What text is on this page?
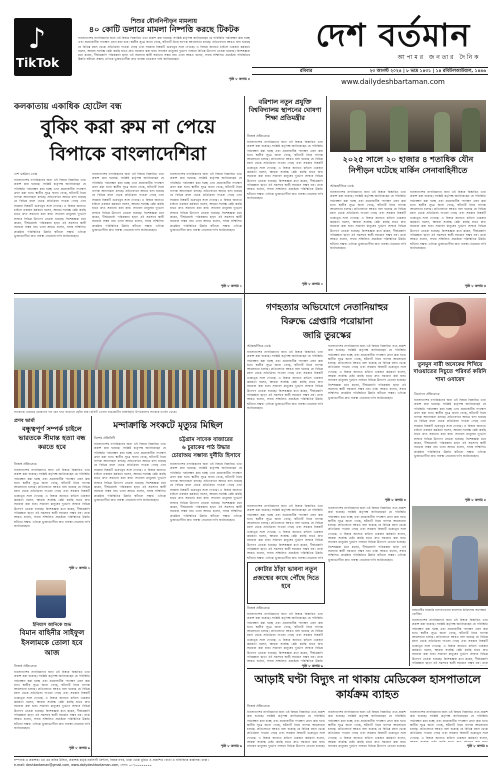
♪
TikTok
শিশুর যৌননিপীড়ন মামলায়
৪০ কোটি ডলারে মামলা নিষ্পত্তি করছে টিকটক
বাংলাদেশের নাগরিকদের জন্য এই বিষয়ে বিস্তারিত তথ্য প্রকাশ করা হয়েছে। সংশ্লিষ্ট কর্তৃপক্ষ জানিয়েছেন যে পরিস্থিতি পর্যবেক্ষণ করা হচ্ছে এবং প্রয়োজনীয় পদক্ষেপ গ্রহণ করা হবে। স্থানীয় সূত্রে জানা গেছে, ঘটনাটি নিয়ে ব্যাপক আলোচনা চলছে। প্রতিবেদনে আরও বলা হয়েছে যে বিভিন্ন মহল থেকে প্রতিক্রিয়া পাওয়া গেছে এবং সরকার বিষয়টি গুরুত্বের সঙ্গে দেখছে। এ বিষয়ে জানতে চাইলে একজন কর্মকর্তা বলেন, আমরা সর্বোচ্চ চেষ্টা করছি যাতে দ্রুত সমাধান করা যায়। সাধারণ মানুষের দুর্ভোগ লাঘবে বিভিন্ন উদ্যোগ নেওয়া হয়েছে। বিশেষজ্ঞরা মনে করেন, দীর্ঘমেয়াদি পরিকল্পনা ছাড়া এই সমস্যার স্থায়ী সমাধান সম্ভব নয়। তারা আরও বলেন, সবার সম্মিলিত প্রচেষ্টায় পরিস্থিতির উন্নতি ঘটানো সম্ভব। এদিকে ভুক্তভোগীরা দ্রুত ব্যবস্থা নেওয়ার দাবি জানিয়েছেন।
পৃষ্ঠা ৮ কলাম ৫
দেশ বর্তমান
আপামর জনতার দৈনিক
রবিবার	২৩ আগস্ট ২০২৪ | ৮ ভাদ্র ১৪৩১ | ১৪ রবিউলআউয়াল, ১৪৪৬
www.dailydeshbartaman.com
কলকাতায় একাধিক হোটেল বন্ধ
বুকিং করা রুম না পেয়ে
বিপাকে বাংলাদেশিরা
দেশ বর্তমান ডেস্ক
বাংলাদেশের নাগরিকদের জন্য এই বিষয়ে বিস্তারিত তথ্য প্রকাশ করা হয়েছে। সংশ্লিষ্ট কর্তৃপক্ষ জানিয়েছেন যে পরিস্থিতি পর্যবেক্ষণ করা হচ্ছে এবং প্রয়োজনীয় পদক্ষেপ গ্রহণ করা হবে। স্থানীয় সূত্রে জানা গেছে, ঘটনাটি নিয়ে ব্যাপক আলোচনা চলছে। প্রতিবেদনে আরও বলা হয়েছে যে বিভিন্ন মহল থেকে প্রতিক্রিয়া পাওয়া গেছে এবং সরকার বিষয়টি গুরুত্বের সঙ্গে দেখছে। এ বিষয়ে জানতে চাইলে একজন কর্মকর্তা বলেন, আমরা সর্বোচ্চ চেষ্টা করছি যাতে দ্রুত সমাধান করা যায়। সাধারণ মানুষের দুর্ভোগ লাঘবে বিভিন্ন উদ্যোগ নেওয়া হয়েছে। বিশেষজ্ঞরা মনে করেন, দীর্ঘমেয়াদি পরিকল্পনা ছাড়া এই সমস্যার স্থায়ী সমাধান সম্ভব নয়। তারা আরও বলেন, সবার সম্মিলিত প্রচেষ্টায় পরিস্থিতির উন্নতি ঘটানো সম্ভব। এদিকে ভুক্তভোগীরা দ্রুত ব্যবস্থা নেওয়ার দাবি জানিয়েছেন।
বাংলাদেশের নাগরিকদের জন্য এই বিষয়ে বিস্তারিত তথ্য প্রকাশ করা হয়েছে। সংশ্লিষ্ট কর্তৃপক্ষ জানিয়েছেন যে পরিস্থিতি পর্যবেক্ষণ করা হচ্ছে এবং প্রয়োজনীয় পদক্ষেপ গ্রহণ করা হবে। স্থানীয় সূত্রে জানা গেছে, ঘটনাটি নিয়ে ব্যাপক আলোচনা চলছে। প্রতিবেদনে আরও বলা হয়েছে যে বিভিন্ন মহল থেকে প্রতিক্রিয়া পাওয়া গেছে এবং সরকার বিষয়টি গুরুত্বের সঙ্গে দেখছে। এ বিষয়ে জানতে চাইলে একজন কর্মকর্তা বলেন, আমরা সর্বোচ্চ চেষ্টা করছি যাতে দ্রুত সমাধান করা যায়। সাধারণ মানুষের দুর্ভোগ লাঘবে বিভিন্ন উদ্যোগ নেওয়া হয়েছে। বিশেষজ্ঞরা মনে করেন, দীর্ঘমেয়াদি পরিকল্পনা ছাড়া এই সমস্যার স্থায়ী সমাধান সম্ভব নয়। তারা আরও বলেন, সবার সম্মিলিত প্রচেষ্টায় পরিস্থিতির উন্নতি ঘটানো সম্ভব। এদিকে ভুক্তভোগীরা দ্রুত ব্যবস্থা নেওয়ার দাবি জানিয়েছেন।
বাংলাদেশের নাগরিকদের জন্য এই বিষয়ে বিস্তারিত তথ্য প্রকাশ করা হয়েছে। সংশ্লিষ্ট কর্তৃপক্ষ জানিয়েছেন যে পরিস্থিতি পর্যবেক্ষণ করা হচ্ছে এবং প্রয়োজনীয় পদক্ষেপ গ্রহণ করা হবে। স্থানীয় সূত্রে জানা গেছে, ঘটনাটি নিয়ে ব্যাপক আলোচনা চলছে। প্রতিবেদনে আরও বলা হয়েছে যে বিভিন্ন মহল থেকে প্রতিক্রিয়া পাওয়া গেছে এবং সরকার বিষয়টি গুরুত্বের সঙ্গে দেখছে। এ বিষয়ে জানতে চাইলে একজন কর্মকর্তা বলেন, আমরা সর্বোচ্চ চেষ্টা করছি যাতে দ্রুত সমাধান করা যায়। সাধারণ মানুষের দুর্ভোগ লাঘবে বিভিন্ন উদ্যোগ নেওয়া হয়েছে। বিশেষজ্ঞরা মনে করেন, দীর্ঘমেয়াদি পরিকল্পনা ছাড়া এই সমস্যার স্থায়ী সমাধান সম্ভব নয়। তারা আরও বলেন, সবার সম্মিলিত প্রচেষ্টায় পরিস্থিতির উন্নতি ঘটানো সম্ভব। এদিকে ভুক্তভোগীরা দ্রুত ব্যবস্থা নেওয়ার দাবি জানিয়েছেন।
পৃষ্ঠা ৮ কলাম ১
বরিশাল নতুন প্রযুক্তি বিশ্ববিদ্যালয় স্থাপনের ঘোষণা শিক্ষা প্রতিমন্ত্রীর
নিজস্ব প্রতিবেদক
বাংলাদেশের নাগরিকদের জন্য এই বিষয়ে বিস্তারিত তথ্য প্রকাশ করা হয়েছে। সংশ্লিষ্ট কর্তৃপক্ষ জানিয়েছেন যে পরিস্থিতি পর্যবেক্ষণ করা হচ্ছে এবং প্রয়োজনীয় পদক্ষেপ গ্রহণ করা হবে। স্থানীয় সূত্রে জানা গেছে, ঘটনাটি নিয়ে ব্যাপক আলোচনা চলছে। প্রতিবেদনে আরও বলা হয়েছে যে বিভিন্ন মহল থেকে প্রতিক্রিয়া পাওয়া গেছে এবং সরকার বিষয়টি গুরুত্বের সঙ্গে দেখছে। এ বিষয়ে জানতে চাইলে একজন কর্মকর্তা বলেন, আমরা সর্বোচ্চ চেষ্টা করছি যাতে দ্রুত সমাধান করা যায়। সাধারণ মানুষের দুর্ভোগ লাঘবে বিভিন্ন উদ্যোগ নেওয়া হয়েছে। বিশেষজ্ঞরা মনে করেন, দীর্ঘমেয়াদি পরিকল্পনা ছাড়া এই সমস্যার স্থায়ী সমাধান সম্ভব নয়। তারা আরও বলেন, সবার সম্মিলিত প্রচেষ্টায় পরিস্থিতির উন্নতি ঘটানো সম্ভব। এদিকে ভুক্তভোগীরা দ্রুত ব্যবস্থা নেওয়ার দাবি জানিয়েছেন।
পৃষ্ঠা ৮ কলাম ২
২০২৫ সালে ২০ হাজার ৪ শতাধিক যৌন নিপীড়ন ঘটেছে মার্কিন সেনাবাহিনীতে
আন্তর্জাতিক ডেস্ক
বাংলাদেশের নাগরিকদের জন্য এই বিষয়ে বিস্তারিত তথ্য প্রকাশ করা হয়েছে। সংশ্লিষ্ট কর্তৃপক্ষ জানিয়েছেন যে পরিস্থিতি পর্যবেক্ষণ করা হচ্ছে এবং প্রয়োজনীয় পদক্ষেপ গ্রহণ করা হবে। স্থানীয় সূত্রে জানা গেছে, ঘটনাটি নিয়ে ব্যাপক আলোচনা চলছে। প্রতিবেদনে আরও বলা হয়েছে যে বিভিন্ন মহল থেকে প্রতিক্রিয়া পাওয়া গেছে এবং সরকার বিষয়টি গুরুত্বের সঙ্গে দেখছে। এ বিষয়ে জানতে চাইলে একজন কর্মকর্তা বলেন, আমরা সর্বোচ্চ চেষ্টা করছি যাতে দ্রুত সমাধান করা যায়। সাধারণ মানুষের দুর্ভোগ লাঘবে বিভিন্ন উদ্যোগ নেওয়া হয়েছে। বিশেষজ্ঞরা মনে করেন, দীর্ঘমেয়াদি পরিকল্পনা ছাড়া এই সমস্যার স্থায়ী সমাধান সম্ভব নয়। তারা আরও বলেন, সবার সম্মিলিত প্রচেষ্টায় পরিস্থিতির উন্নতি ঘটানো সম্ভব। এদিকে ভুক্তভোগীরা দ্রুত ব্যবস্থা নেওয়ার দাবি জানিয়েছেন।
বাংলাদেশের নাগরিকদের জন্য এই বিষয়ে বিস্তারিত তথ্য প্রকাশ করা হয়েছে। সংশ্লিষ্ট কর্তৃপক্ষ জানিয়েছেন যে পরিস্থিতি পর্যবেক্ষণ করা হচ্ছে এবং প্রয়োজনীয় পদক্ষেপ গ্রহণ করা হবে। স্থানীয় সূত্রে জানা গেছে, ঘটনাটি নিয়ে ব্যাপক আলোচনা চলছে। প্রতিবেদনে আরও বলা হয়েছে যে বিভিন্ন মহল থেকে প্রতিক্রিয়া পাওয়া গেছে এবং সরকার বিষয়টি গুরুত্বের সঙ্গে দেখছে। এ বিষয়ে জানতে চাইলে একজন কর্মকর্তা বলেন, আমরা সর্বোচ্চ চেষ্টা করছি যাতে দ্রুত সমাধান করা যায়। সাধারণ মানুষের দুর্ভোগ লাঘবে বিভিন্ন উদ্যোগ নেওয়া হয়েছে। বিশেষজ্ঞরা মনে করেন, দীর্ঘমেয়াদি পরিকল্পনা ছাড়া এই সমস্যার স্থায়ী সমাধান সম্ভব নয়। তারা আরও বলেন, সবার সম্মিলিত প্রচেষ্টায় পরিস্থিতির উন্নতি ঘটানো সম্ভব। এদিকে ভুক্তভোগীরা দ্রুত ব্যবস্থা নেওয়ার দাবি জানিয়েছেন।
পৃষ্ঠা ৮ কলাম ৩
সাজেকে নেমেছে মেঘেদের দল যেন হাত বাড়ালে ছোঁয়া যায়। ছবিটি তোলা রাঙামাটির বাঘাইছড়ি উপজেলার সাজেক ভ্যালি থেকে।
গণহত্যার অভিযোগে নেতানিয়াহুর
বিরুদ্ধে গ্রেপ্তারি পরোয়ানা
জারি তুরস্কের
আন্তর্জাতিক ডেস্ক
বাংলাদেশের নাগরিকদের জন্য এই বিষয়ে বিস্তারিত তথ্য প্রকাশ করা হয়েছে। সংশ্লিষ্ট কর্তৃপক্ষ জানিয়েছেন যে পরিস্থিতি পর্যবেক্ষণ করা হচ্ছে এবং প্রয়োজনীয় পদক্ষেপ গ্রহণ করা হবে। স্থানীয় সূত্রে জানা গেছে, ঘটনাটি নিয়ে ব্যাপক আলোচনা চলছে। প্রতিবেদনে আরও বলা হয়েছে যে বিভিন্ন মহল থেকে প্রতিক্রিয়া পাওয়া গেছে এবং সরকার বিষয়টি গুরুত্বের সঙ্গে দেখছে। এ বিষয়ে জানতে চাইলে একজন কর্মকর্তা বলেন, আমরা সর্বোচ্চ চেষ্টা করছি যাতে দ্রুত সমাধান করা যায়। সাধারণ মানুষের দুর্ভোগ লাঘবে বিভিন্ন উদ্যোগ নেওয়া হয়েছে। বিশেষজ্ঞরা মনে করেন, দীর্ঘমেয়াদি পরিকল্পনা ছাড়া এই সমস্যার স্থায়ী সমাধান সম্ভব নয়। তারা আরও বলেন, সবার সম্মিলিত প্রচেষ্টায় পরিস্থিতির উন্নতি ঘটানো সম্ভব। এদিকে ভুক্তভোগীরা দ্রুত ব্যবস্থা নেওয়ার দাবি জানিয়েছেন।
বাংলাদেশের নাগরিকদের জন্য এই বিষয়ে বিস্তারিত তথ্য প্রকাশ করা হয়েছে। সংশ্লিষ্ট কর্তৃপক্ষ জানিয়েছেন যে পরিস্থিতি পর্যবেক্ষণ করা হচ্ছে এবং প্রয়োজনীয় পদক্ষেপ গ্রহণ করা হবে। স্থানীয় সূত্রে জানা গেছে, ঘটনাটি নিয়ে ব্যাপক আলোচনা চলছে। প্রতিবেদনে আরও বলা হয়েছে যে বিভিন্ন মহল থেকে প্রতিক্রিয়া পাওয়া গেছে এবং সরকার বিষয়টি গুরুত্বের সঙ্গে দেখছে। এ বিষয়ে জানতে চাইলে একজন কর্মকর্তা বলেন, আমরা সর্বোচ্চ চেষ্টা করছি যাতে দ্রুত সমাধান করা যায়। সাধারণ মানুষের দুর্ভোগ লাঘবে বিভিন্ন উদ্যোগ নেওয়া হয়েছে। বিশেষজ্ঞরা মনে করেন, দীর্ঘমেয়াদি পরিকল্পনা ছাড়া এই সমস্যার স্থায়ী সমাধান সম্ভব নয়। তারা আরও বলেন, সবার সম্মিলিত প্রচেষ্টায় পরিস্থিতির উন্নতি ঘটানো সম্ভব। এদিকে ভুক্তভোগীরা দ্রুত ব্যবস্থা নেওয়ার দাবি জানিয়েছেন।
পৃষ্ঠা ৮ কলাম ৪
তুনমুন নারী অনেকের শিখিয়ে দাওয়াতের নিচুতে পরিবর্ত করিনি শামা ওবায়েদ
বিনোদন প্রতিবেদক
বাংলাদেশের নাগরিকদের জন্য এই বিষয়ে বিস্তারিত তথ্য প্রকাশ করা হয়েছে। সংশ্লিষ্ট কর্তৃপক্ষ জানিয়েছেন যে পরিস্থিতি পর্যবেক্ষণ করা হচ্ছে এবং প্রয়োজনীয় পদক্ষেপ গ্রহণ করা হবে। স্থানীয় সূত্রে জানা গেছে, ঘটনাটি নিয়ে ব্যাপক আলোচনা চলছে। প্রতিবেদনে আরও বলা হয়েছে যে বিভিন্ন মহল থেকে প্রতিক্রিয়া পাওয়া গেছে এবং সরকার বিষয়টি গুরুত্বের সঙ্গে দেখছে। এ বিষয়ে জানতে চাইলে একজন কর্মকর্তা বলেন, আমরা সর্বোচ্চ চেষ্টা করছি যাতে দ্রুত সমাধান করা যায়। সাধারণ মানুষের দুর্ভোগ লাঘবে বিভিন্ন উদ্যোগ নেওয়া হয়েছে। বিশেষজ্ঞরা মনে করেন, দীর্ঘমেয়াদি পরিকল্পনা ছাড়া এই সমস্যার স্থায়ী সমাধান সম্ভব নয়। তারা আরও বলেন, সবার সম্মিলিত প্রচেষ্টায় পরিস্থিতির উন্নতি ঘটানো সম্ভব। এদিকে ভুক্তভোগীরা দ্রুত ব্যবস্থা নেওয়ার দাবি জানিয়েছেন।
পৃষ্ঠা ৮ কলাম ৫
প্রণব ভার্মা
বন্ধুত্বপূর্ণ সম্পর্ক চাইলে ভারতকে সীমান্ত হত্যা বন্ধ করতে হবে
নিজস্ব প্রতিবেদক
বাংলাদেশের নাগরিকদের জন্য এই বিষয়ে বিস্তারিত তথ্য প্রকাশ করা হয়েছে। সংশ্লিষ্ট কর্তৃপক্ষ জানিয়েছেন যে পরিস্থিতি পর্যবেক্ষণ করা হচ্ছে এবং প্রয়োজনীয় পদক্ষেপ গ্রহণ করা হবে। স্থানীয় সূত্রে জানা গেছে, ঘটনাটি নিয়ে ব্যাপক আলোচনা চলছে। প্রতিবেদনে আরও বলা হয়েছে যে বিভিন্ন মহল থেকে প্রতিক্রিয়া পাওয়া গেছে এবং সরকার বিষয়টি গুরুত্বের সঙ্গে দেখছে। এ বিষয়ে জানতে চাইলে একজন কর্মকর্তা বলেন, আমরা সর্বোচ্চ চেষ্টা করছি যাতে দ্রুত সমাধান করা যায়। সাধারণ মানুষের দুর্ভোগ লাঘবে বিভিন্ন উদ্যোগ নেওয়া হয়েছে। বিশেষজ্ঞরা মনে করেন, দীর্ঘমেয়াদি পরিকল্পনা ছাড়া এই সমস্যার স্থায়ী সমাধান সম্ভব নয়। তারা আরও বলেন, সবার সম্মিলিত প্রচেষ্টায় পরিস্থিতির উন্নতি ঘটানো সম্ভব। এদিকে ভুক্তভোগীরা দ্রুত ব্যবস্থা নেওয়ার দাবি জানিয়েছেন।
পৃষ্ঠা ৮ কলাম ২
মন্দাক্রান্তি সংকটে মৃত্যুর মিছিল
চট্টগ্রাম সাবেক বাজারের
৬ চুরাকের পাঠ উদ্ধার
চোরাঅয় সম্ভাব্য দুর্নীতি হিসাবে
বিশেষ প্রতিনিধি
বাংলাদেশের নাগরিকদের জন্য এই বিষয়ে বিস্তারিত তথ্য প্রকাশ করা হয়েছে। সংশ্লিষ্ট কর্তৃপক্ষ জানিয়েছেন যে পরিস্থিতি পর্যবেক্ষণ করা হচ্ছে এবং প্রয়োজনীয় পদক্ষেপ গ্রহণ করা হবে। স্থানীয় সূত্রে জানা গেছে, ঘটনাটি নিয়ে ব্যাপক আলোচনা চলছে। প্রতিবেদনে আরও বলা হয়েছে যে বিভিন্ন মহল থেকে প্রতিক্রিয়া পাওয়া গেছে এবং সরকার বিষয়টি গুরুত্বের সঙ্গে দেখছে। এ বিষয়ে জানতে চাইলে একজন কর্মকর্তা বলেন, আমরা সর্বোচ্চ চেষ্টা করছি যাতে দ্রুত সমাধান করা যায়। সাধারণ মানুষের দুর্ভোগ লাঘবে বিভিন্ন উদ্যোগ নেওয়া হয়েছে। বিশেষজ্ঞরা মনে করেন, দীর্ঘমেয়াদি পরিকল্পনা ছাড়া এই সমস্যার স্থায়ী সমাধান সম্ভব নয়। তারা আরও বলেন, সবার সম্মিলিত প্রচেষ্টায় পরিস্থিতির উন্নতি ঘটানো সম্ভব। এদিকে ভুক্তভোগীরা দ্রুত ব্যবস্থা নেওয়ার দাবি জানিয়েছেন।
বাংলাদেশের নাগরিকদের জন্য এই বিষয়ে বিস্তারিত তথ্য প্রকাশ করা হয়েছে। সংশ্লিষ্ট কর্তৃপক্ষ জানিয়েছেন যে পরিস্থিতি পর্যবেক্ষণ করা হচ্ছে এবং প্রয়োজনীয় পদক্ষেপ গ্রহণ করা হবে। স্থানীয় সূত্রে জানা গেছে, ঘটনাটি নিয়ে ব্যাপক আলোচনা চলছে। প্রতিবেদনে আরও বলা হয়েছে যে বিভিন্ন মহল থেকে প্রতিক্রিয়া পাওয়া গেছে এবং সরকার বিষয়টি গুরুত্বের সঙ্গে দেখছে। এ বিষয়ে জানতে চাইলে একজন কর্মকর্তা বলেন, আমরা সর্বোচ্চ চেষ্টা করছি যাতে দ্রুত সমাধান করা যায়। সাধারণ মানুষের দুর্ভোগ লাঘবে বিভিন্ন উদ্যোগ নেওয়া হয়েছে। বিশেষজ্ঞরা মনে করেন, দীর্ঘমেয়াদি পরিকল্পনা ছাড়া এই সমস্যার স্থায়ী সমাধান সম্ভব নয়। তারা আরও বলেন, সবার সম্মিলিত প্রচেষ্টায় পরিস্থিতির উন্নতি ঘটানো সম্ভব। এদিকে ভুক্তভোগীরা দ্রুত ব্যবস্থা নেওয়ার দাবি জানিয়েছেন।
পৃষ্ঠা ৮ কলাম ৬
ইনিয়াস আনিকে শুভ
বিমান বাহিনীর সাইফুল ইসলামকে তোলা হবে আজ
নিজস্ব প্রতিবেদক
বাংলাদেশের নাগরিকদের জন্য এই বিষয়ে বিস্তারিত তথ্য প্রকাশ করা হয়েছে। সংশ্লিষ্ট কর্তৃপক্ষ জানিয়েছেন যে পরিস্থিতি পর্যবেক্ষণ করা হচ্ছে এবং প্রয়োজনীয় পদক্ষেপ গ্রহণ করা হবে। স্থানীয় সূত্রে জানা গেছে, ঘটনাটি নিয়ে ব্যাপক আলোচনা চলছে। প্রতিবেদনে আরও বলা হয়েছে যে বিভিন্ন মহল থেকে প্রতিক্রিয়া পাওয়া গেছে এবং সরকার বিষয়টি গুরুত্বের সঙ্গে দেখছে। এ বিষয়ে জানতে চাইলে একজন কর্মকর্তা বলেন, আমরা সর্বোচ্চ চেষ্টা করছি যাতে দ্রুত সমাধান করা যায়। সাধারণ মানুষের দুর্ভোগ লাঘবে বিভিন্ন উদ্যোগ নেওয়া হয়েছে। বিশেষজ্ঞরা মনে করেন, দীর্ঘমেয়াদি পরিকল্পনা ছাড়া এই সমস্যার স্থায়ী সমাধান সম্ভব নয়। তারা আরও বলেন, সবার সম্মিলিত প্রচেষ্টায় পরিস্থিতির উন্নতি ঘটানো সম্ভব। এদিকে ভুক্তভোগীরা দ্রুত ব্যবস্থা নেওয়ার দাবি জানিয়েছেন।
পৃষ্ঠা ৮ কলাম ৬
বাংলাদেশের নাগরিকদের জন্য এই বিষয়ে বিস্তারিত তথ্য প্রকাশ করা হয়েছে। সংশ্লিষ্ট কর্তৃপক্ষ জানিয়েছেন যে পরিস্থিতি পর্যবেক্ষণ করা হচ্ছে এবং প্রয়োজনীয় পদক্ষেপ গ্রহণ করা হবে। স্থানীয় সূত্রে জানা গেছে, ঘটনাটি নিয়ে ব্যাপক আলোচনা চলছে। প্রতিবেদনে আরও বলা হয়েছে যে বিভিন্ন মহল থেকে প্রতিক্রিয়া পাওয়া গেছে এবং সরকার বিষয়টি গুরুত্বের সঙ্গে দেখছে। এ বিষয়ে জানতে চাইলে একজন কর্মকর্তা বলেন, আমরা সর্বোচ্চ চেষ্টা করছি যাতে দ্রুত সমাধান করা যায়। সাধারণ মানুষের দুর্ভোগ লাঘবে বিভিন্ন উদ্যোগ নেওয়া হয়েছে। বিশেষজ্ঞরা মনে করেন, দীর্ঘমেয়াদি পরিকল্পনা ছাড়া এই সমস্যার স্থায়ী সমাধান সম্ভব নয়। তারা আরও বলেন, সবার সম্মিলিত প্রচেষ্টায় পরিস্থিতির উন্নতি ঘটানো সম্ভব। এদিকে ভুক্তভোগীরা দ্রুত ব্যবস্থা নেওয়ার দাবি
কোটার ঠাঁড়া ভাবনা নতুন প্রজন্মের কাছে পৌঁছে দিতে হবে
নিজস্ব প্রতিবেদক
বাংলাদেশের নাগরিকদের জন্য এই বিষয়ে বিস্তারিত তথ্য প্রকাশ করা হয়েছে। সংশ্লিষ্ট কর্তৃপক্ষ জানিয়েছেন যে পরিস্থিতি পর্যবেক্ষণ করা হচ্ছে এবং প্রয়োজনীয় পদক্ষেপ গ্রহণ করা হবে। স্থানীয় সূত্রে জানা গেছে, ঘটনাটি নিয়ে ব্যাপক আলোচনা চলছে। প্রতিবেদনে আরও বলা হয়েছে যে বিভিন্ন মহল থেকে প্রতিক্রিয়া পাওয়া গেছে এবং সরকার বিষয়টি গুরুত্বের সঙ্গে দেখছে। এ বিষয়ে জানতে চাইলে একজন কর্মকর্তা বলেন, আমরা সর্বোচ্চ চেষ্টা করছি যাতে দ্রুত সমাধান করা যায়। সাধারণ মানুষের দুর্ভোগ লাঘবে বিভিন্ন উদ্যোগ নেওয়া হয়েছে। বিশেষজ্ঞরা মনে করেন, দীর্ঘমেয়াদি পরিকল্পনা ছাড়া এই সমস্যার স্থায়ী সমাধান সম্ভব নয়। তারা আরও বলেন, সবার সম্মিলিত প্রচেষ্টায় পরিস্থিতির উন্নতি
পৃষ্ঠা ৮ কলাম ৬
বাংলাদেশের নাগরিকদের জন্য এই বিষয়ে বিস্তারিত তথ্য প্রকাশ করা হয়েছে। সংশ্লিষ্ট কর্তৃপক্ষ জানিয়েছেন যে পরিস্থিতি পর্যবেক্ষণ করা হচ্ছে এবং প্রয়োজনীয় পদক্ষেপ গ্রহণ করা হবে। স্থানীয় সূত্রে জানা গেছে, ঘটনাটি নিয়ে ব্যাপক আলোচনা চলছে। প্রতিবেদনে আরও বলা হয়েছে যে বিভিন্ন মহল থেকে প্রতিক্রিয়া পাওয়া গেছে এবং সরকার বিষয়টি গুরুত্বের সঙ্গে দেখছে। এ বিষয়ে জানতে চাইলে একজন কর্মকর্তা বলেন, আমরা সর্বোচ্চ চেষ্টা করছি যাতে দ্রুত সমাধান করা যায়। সাধারণ মানুষের দুর্ভোগ লাঘবে বিভিন্ন উদ্যোগ নেওয়া হয়েছে। বিশেষজ্ঞরা মনে করেন, দীর্ঘমেয়াদি পরিকল্পনা ছাড়া এই সমস্যার স্থায়ী সমাধান সম্ভব নয়। তারা আরও বলেন, সবার সম্মিলিত প্রচেষ্টায় পরিস্থিতির উন্নতি ঘটানো সম্ভব। এদিকে ভুক্তভোগীরা দ্রুত ব্যবস্থা নেওয়ার দাবি জানিয়েছেন।
রাজধানীর সরকারি হাসপাতালের বারান্দায় চিকিৎসার অপেক্ষায় রোগীরা।
বাংলাদেশের নাগরিকদের জন্য এই বিষয়ে বিস্তারিত তথ্য প্রকাশ করা হয়েছে। সংশ্লিষ্ট কর্তৃপক্ষ জানিয়েছেন যে পরিস্থিতি পর্যবেক্ষণ করা হচ্ছে এবং প্রয়োজনীয় পদক্ষেপ গ্রহণ করা হবে। স্থানীয় সূত্রে জানা গেছে, ঘটনাটি নিয়ে ব্যাপক আলোচনা চলছে। প্রতিবেদনে আরও বলা হয়েছে যে বিভিন্ন মহল থেকে প্রতিক্রিয়া পাওয়া গেছে এবং সরকার বিষয়টি গুরুত্বের সঙ্গে দেখছে। এ বিষয়ে জানতে চাইলে একজন কর্মকর্তা বলেন, আমরা সর্বোচ্চ চেষ্টা করছি যাতে দ্রুত সমাধান করা যায়। সাধারণ মানুষের দুর্ভোগ লাঘবে বিভিন্ন উদ্যোগ নেওয়া হয়েছে। বিশেষজ্ঞরা মনে করেন, দীর্ঘমেয়াদি পরিকল্পনা ছাড়া এই সমস্যার স্থায়ী সমাধান সম্ভব নয়। তারা
আড়াই ঘণ্টা বিদ্যুৎ না থাকায় মেডিকেল হাসপাতালে কার্যক্রম ব্যাহত
নিজস্ব প্রতিবেদক
বাংলাদেশের নাগরিকদের জন্য এই বিষয়ে বিস্তারিত তথ্য প্রকাশ করা হয়েছে। সংশ্লিষ্ট কর্তৃপক্ষ জানিয়েছেন যে পরিস্থিতি পর্যবেক্ষণ করা হচ্ছে এবং প্রয়োজনীয় পদক্ষেপ গ্রহণ করা হবে। স্থানীয় সূত্রে জানা গেছে, ঘটনাটি নিয়ে ব্যাপক আলোচনা চলছে। প্রতিবেদনে আরও বলা হয়েছে যে বিভিন্ন মহল থেকে প্রতিক্রিয়া পাওয়া গেছে এবং সরকার বিষয়টি গুরুত্বের সঙ্গে দেখছে। এ বিষয়ে জানতে চাইলে একজন কর্মকর্তা বলেন, আমরা সর্বোচ্চ চেষ্টা করছি যাতে দ্রুত সমাধান করা যায়। সাধারণ মানুষের দুর্ভোগ লাঘবে বিভিন্ন উদ্যোগ নেওয়া হয়েছে।
বাংলাদেশের নাগরিকদের জন্য এই বিষয়ে বিস্তারিত তথ্য প্রকাশ করা হয়েছে। সংশ্লিষ্ট কর্তৃপক্ষ জানিয়েছেন যে পরিস্থিতি পর্যবেক্ষণ করা হচ্ছে এবং প্রয়োজনীয় পদক্ষেপ গ্রহণ করা হবে। স্থানীয় সূত্রে জানা গেছে, ঘটনাটি নিয়ে ব্যাপক আলোচনা চলছে। প্রতিবেদনে আরও বলা হয়েছে যে বিভিন্ন মহল থেকে প্রতিক্রিয়া পাওয়া গেছে এবং সরকার বিষয়টি গুরুত্বের সঙ্গে দেখছে। এ বিষয়ে জানতে চাইলে একজন কর্মকর্তা বলেন, আমরা সর্বোচ্চ চেষ্টা করছি যাতে দ্রুত সমাধান করা যায়। সাধারণ মানুষের দুর্ভোগ লাঘবে বিভিন্ন উদ্যোগ নেওয়া হয়েছে।
বাংলাদেশের নাগরিকদের জন্য এই বিষয়ে বিস্তারিত তথ্য প্রকাশ করা হয়েছে। সংশ্লিষ্ট কর্তৃপক্ষ জানিয়েছেন যে পরিস্থিতি পর্যবেক্ষণ করা হচ্ছে এবং প্রয়োজনীয় পদক্ষেপ গ্রহণ করা হবে। স্থানীয় সূত্রে জানা গেছে, ঘটনাটি নিয়ে ব্যাপক আলোচনা চলছে। প্রতিবেদনে আরও বলা হয়েছে যে বিভিন্ন মহল থেকে প্রতিক্রিয়া পাওয়া গেছে এবং সরকার বিষয়টি গুরুত্বের সঙ্গে দেখছে। এ বিষয়ে জানতে চাইলে একজন কর্মকর্তা বলেন,
পৃষ্ঠা ৮ কলাম ৪
সম্পাদক ও প্রকাশক: এম এম জহির উদ্দিন, প্রকাশক কর্তৃক নরসিংদী প্রিন্টার্স, বিজয় নগর, ঢাকা থেকে মুদ্রিত ও প্রকাশিত। বার্তা ও বাণিজ্যিক কার্যালয়: ঢাকা।
e-mail: deshbartaman@gmail.com, www.dailydeshbartaman.com, ফোন: ০১৭০০০০০০০০
